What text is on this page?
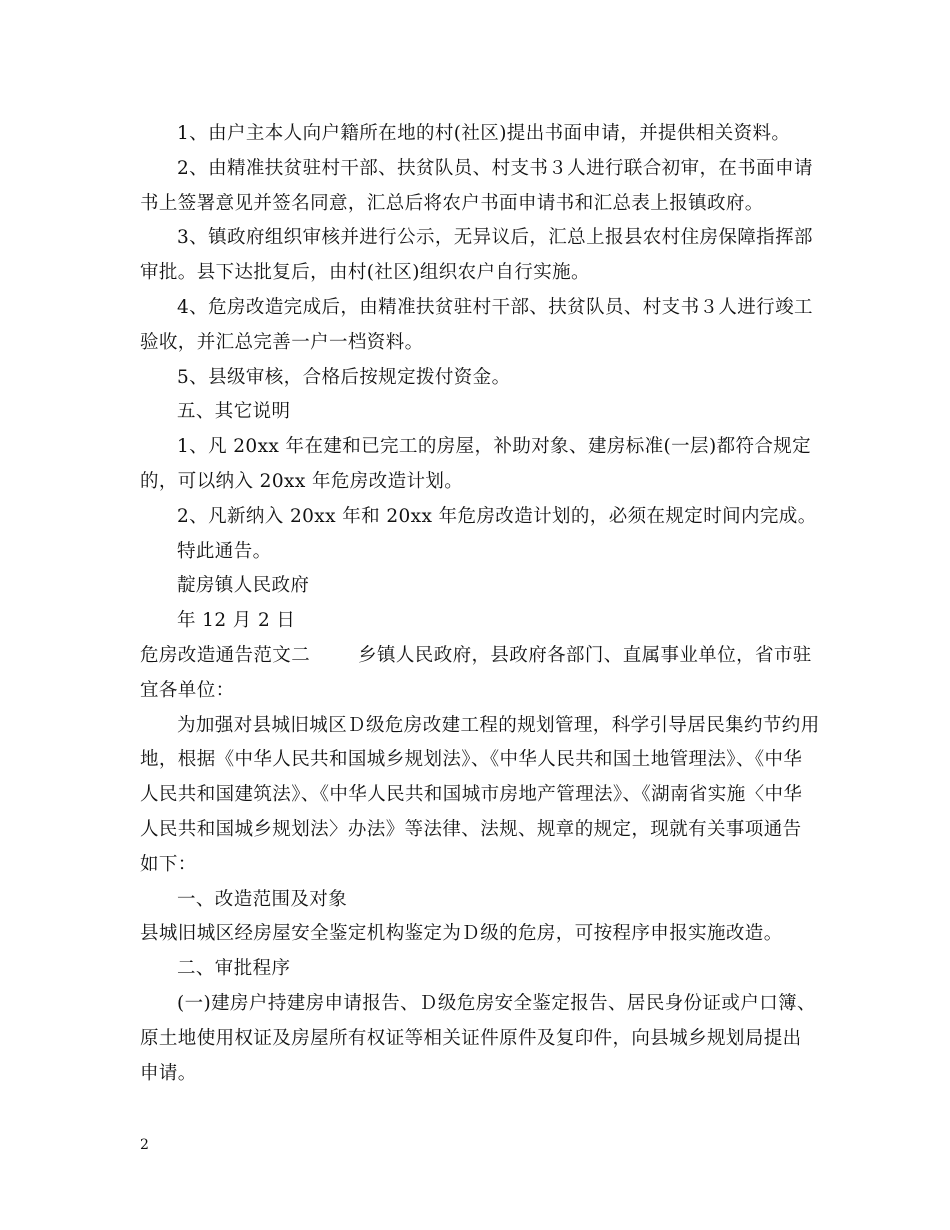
1、由户主本人向户籍所在地的村(社区)提出书面申请，并提供相关资料。

2、由精准扶贫驻村干部、扶贫队员、村支书３人进行联合初审，在书面申请书上签署意见并签名同意，汇总后将农户书面申请书和汇总表上报镇政府。

3、镇政府组织审核并进行公示，无异议后，汇总上报县农村住房保障指挥部审批。县下达批复后，由村(社区)组织农户自行实施。

4、危房改造完成后，由精准扶贫驻村干部、扶贫队员、村支书３人进行竣工验收，并汇总完善一户一档资料。

5、县级审核，合格后按规定拨付资金。

五、其它说明

1、凡 20xx 年在建和已完工的房屋，补助对象、建房标准(一层)都符合规定的，可以纳入 20xx 年危房改造计划。

2、凡新纳入 20xx 年和 20xx 年危房改造计划的，必须在规定时间内完成。

特此通告。

靛房镇人民政府

年 12 月 2 日

危房改造通告范文二	乡镇人民政府，县政府各部门、直属事业单位，省市驻宜各单位：

为加强对县城旧城区Ｄ级危房改建工程的规划管理，科学引导居民集约节约用地，根据《中华人民共和国城乡规划法》、《中华人民共和国土地管理法》、《中华人民共和国建筑法》、《中华人民共和国城市房地产管理法》、《湖南省实施〈中华人民共和国城乡规划法〉办法》等法律、法规、规章的规定，现就有关事项通告如下：

一、改造范围及对象

县城旧城区经房屋安全鉴定机构鉴定为Ｄ级的危房，可按程序申报实施改造。

二、审批程序

(一)建房户持建房申请报告、Ｄ级危房安全鉴定报告、居民身份证或户口簿、原土地使用权证及房屋所有权证等相关证件原件及复印件，向县城乡规划局提出申请。

2
